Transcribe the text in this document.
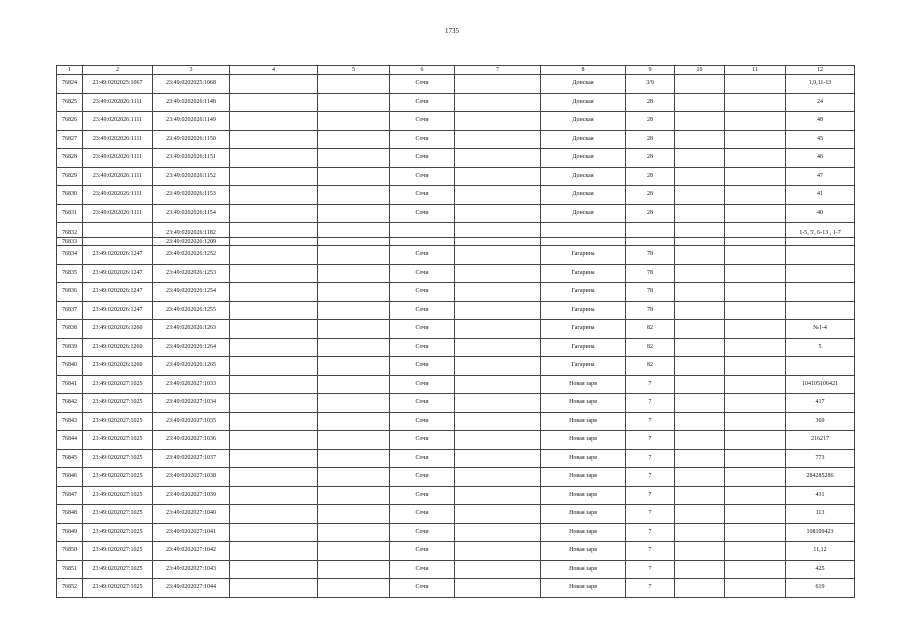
1735
1	2	3	4	5	6	7	8	9	10	11	12
76824	23:49:0202025:1067	23:49:0202025:1068			Сочи		Донская	3/9			1,9,11-13
76825	23:49:0202026:1111	23:49:0202026:1148			Сочи		Донская	28			24
76826	23:49:0202026:1111	23:49:0202026:1149			Сочи		Донская	28			48
76827	23:49:0202026:1111	23:49:0202026:1150			Сочи		Донская	28			45
76828	23:49:0202026:1111	23:49:0202026:1151			Сочи		Донская	28			46
76829	23:49:0202026:1111	23:49:0202026:1152			Сочи		Донская	28			47
76830	23:49:0202026:1111	23:49:0202026:1153			Сочи		Донская	28			41
76831	23:49:0202026:1111	23:49:0202026:1154			Сочи		Донская	28			40
76832		23:49:0202026:1182									1-5, 5', 6-13 , 1-7
76833		23:49:0202026:1209									
76834	23:49:0202026:1247	23:49:0202026:1252			Сочи		Гагарина	78			
76835	23:49:0202026:1247	23:49:0202026:1253			Сочи		Гагарина	78			
76836	23:49:0202026:1247	23:49:0202026:1254			Сочи		Гагарина	78			
76837	23:49:0202026:1247	23:49:0202026:1255			Сочи		Гагарина	78			
76838	23:49:0202026:1260	23:49:0202026:1263			Сочи		Гагарина	82			№1-4
76839	23:49:0202026:1260	23:49:0202026:1264			Сочи		Гагарина	82			5
76840	23:49:0202026:1260	23:49:0202026:1265			Сочи		Гагарина	82			
76841	23:49:0202027:1025	23:49:0202027:1033			Сочи		Новая заря	7			104105106421
76842	23:49:0202027:1025	23:49:0202027:1034			Сочи		Новая заря	7			417
76843	23:49:0202027:1025	23:49:0202027:1035			Сочи		Новая заря	7			369
76844	23:49:0202027:1025	23:49:0202027:1036			Сочи		Новая заря	7			216217
76845	23:49:0202027:1025	23:49:0202027:1037			Сочи		Новая заря	7			773
76846	23:49:0202027:1025	23:49:0202027:1038			Сочи		Новая заря	7			284285286
76847	23:49:0202027:1025	23:49:0202027:1039			Сочи		Новая заря	7			431
76848	23:49:0202027:1025	23:49:0202027:1040			Сочи		Новая заря	7			113
76849	23:49:0202027:1025	23:49:0202027:1041			Сочи		Новая заря	7			108109423
76850	23:49:0202027:1025	23:49:0202027:1042			Сочи		Новая заря	7			11,12
76851	23:49:0202027:1025	23:49:0202027:1043			Сочи		Новая заря	7			425
76852	23:49:0202027:1025	23:49:0202027:1044			Сочи		Новая заря	7			619
